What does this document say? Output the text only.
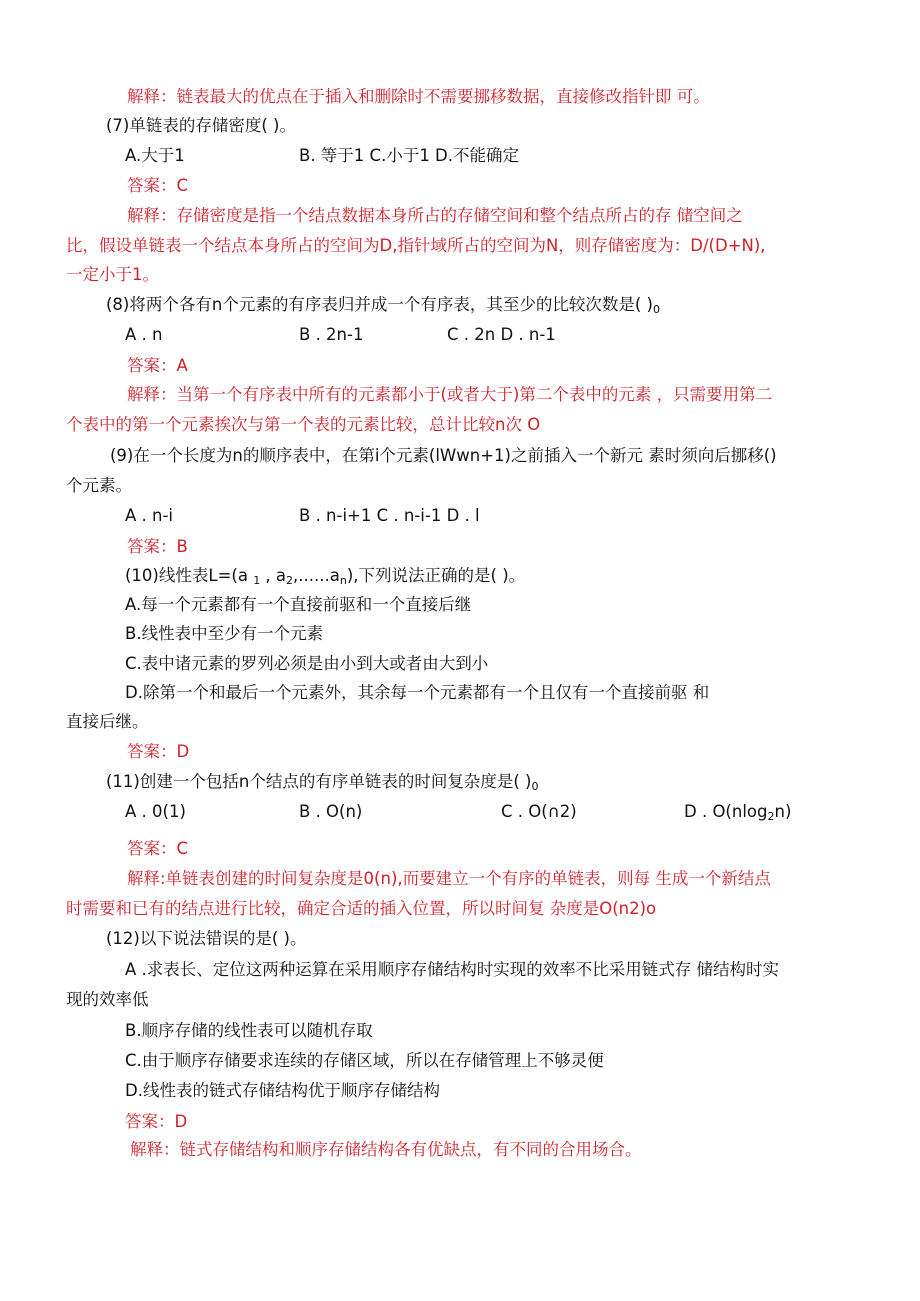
解释：链表最大的优点在于插入和删除时不需要挪移数据，直接修改指针即 可。
(7)单链表的存储密度( )。
A.大于1	B. 等于1 C.小于1 D.不能确定
答案：C
解释：存储密度是指一个结点数据本身所占的存储空间和整个结点所占的存 储空间之
比，假设单链表一个结点本身所占的空间为D,指针域所占的空间为N，则存储密度为：D/(D+N),
一定小于1。
(8)将两个各有n个元素的有序表归并成一个有序表，其至少的比较次数是( )$_0$
A . n	B . 2n-1	C . 2n D . n-1
答案：A
解释：当第一个有序表中所有的元素都小于(或者大于)第二个表中的元素 ，只需要用第二
个表中的第一个元素挨次与第一个表的元素比较，总计比较n次 O
(9)在一个长度为n的顺序表中，在第i个元素(lWwn+1)之前插入一个新元 素时须向后挪移()
个元素。
A . n-i	B . n-i+1 C . n-i-1 D . l
答案：B
(10)线性表L=(a $_1$ , $a_2,......a_n$),下列说法正确的是( )。
A.每一个元素都有一个直接前驱和一个直接后继
B.线性表中至少有一个元素
C.表中诸元素的罗列必须是由小到大或者由大到小
D.除第一个和最后一个元素外，其余每一个元素都有一个且仅有一个直接前驱 和
直接后继。
答案：D
(11)创建一个包括n个结点的有序单链表的时间复杂度是( )$_0$
A . 0(1)	B . O(n)	C . O(∩2)	D . O(nlog$_2$n)
答案：C
解释:单链表创建的时间复杂度是0(n),而要建立一个有序的单链表，则每 生成一个新结点
时需要和已有的结点进行比较，确定合适的插入位置，所以时间复 杂度是O(n2)o
(12)以下说法错误的是( )。
A .求表长、定位这两种运算在采用顺序存储结构时实现的效率不比采用链式存 储结构时实
现的效率低
B.顺序存储的线性表可以随机存取
C.由于顺序存储要求连续的存储区域，所以在存储管理上不够灵便
D.线性表的链式存储结构优于顺序存储结构
答案：D
解释：链式存储结构和顺序存储结构各有优缺点，有不同的合用场合。
